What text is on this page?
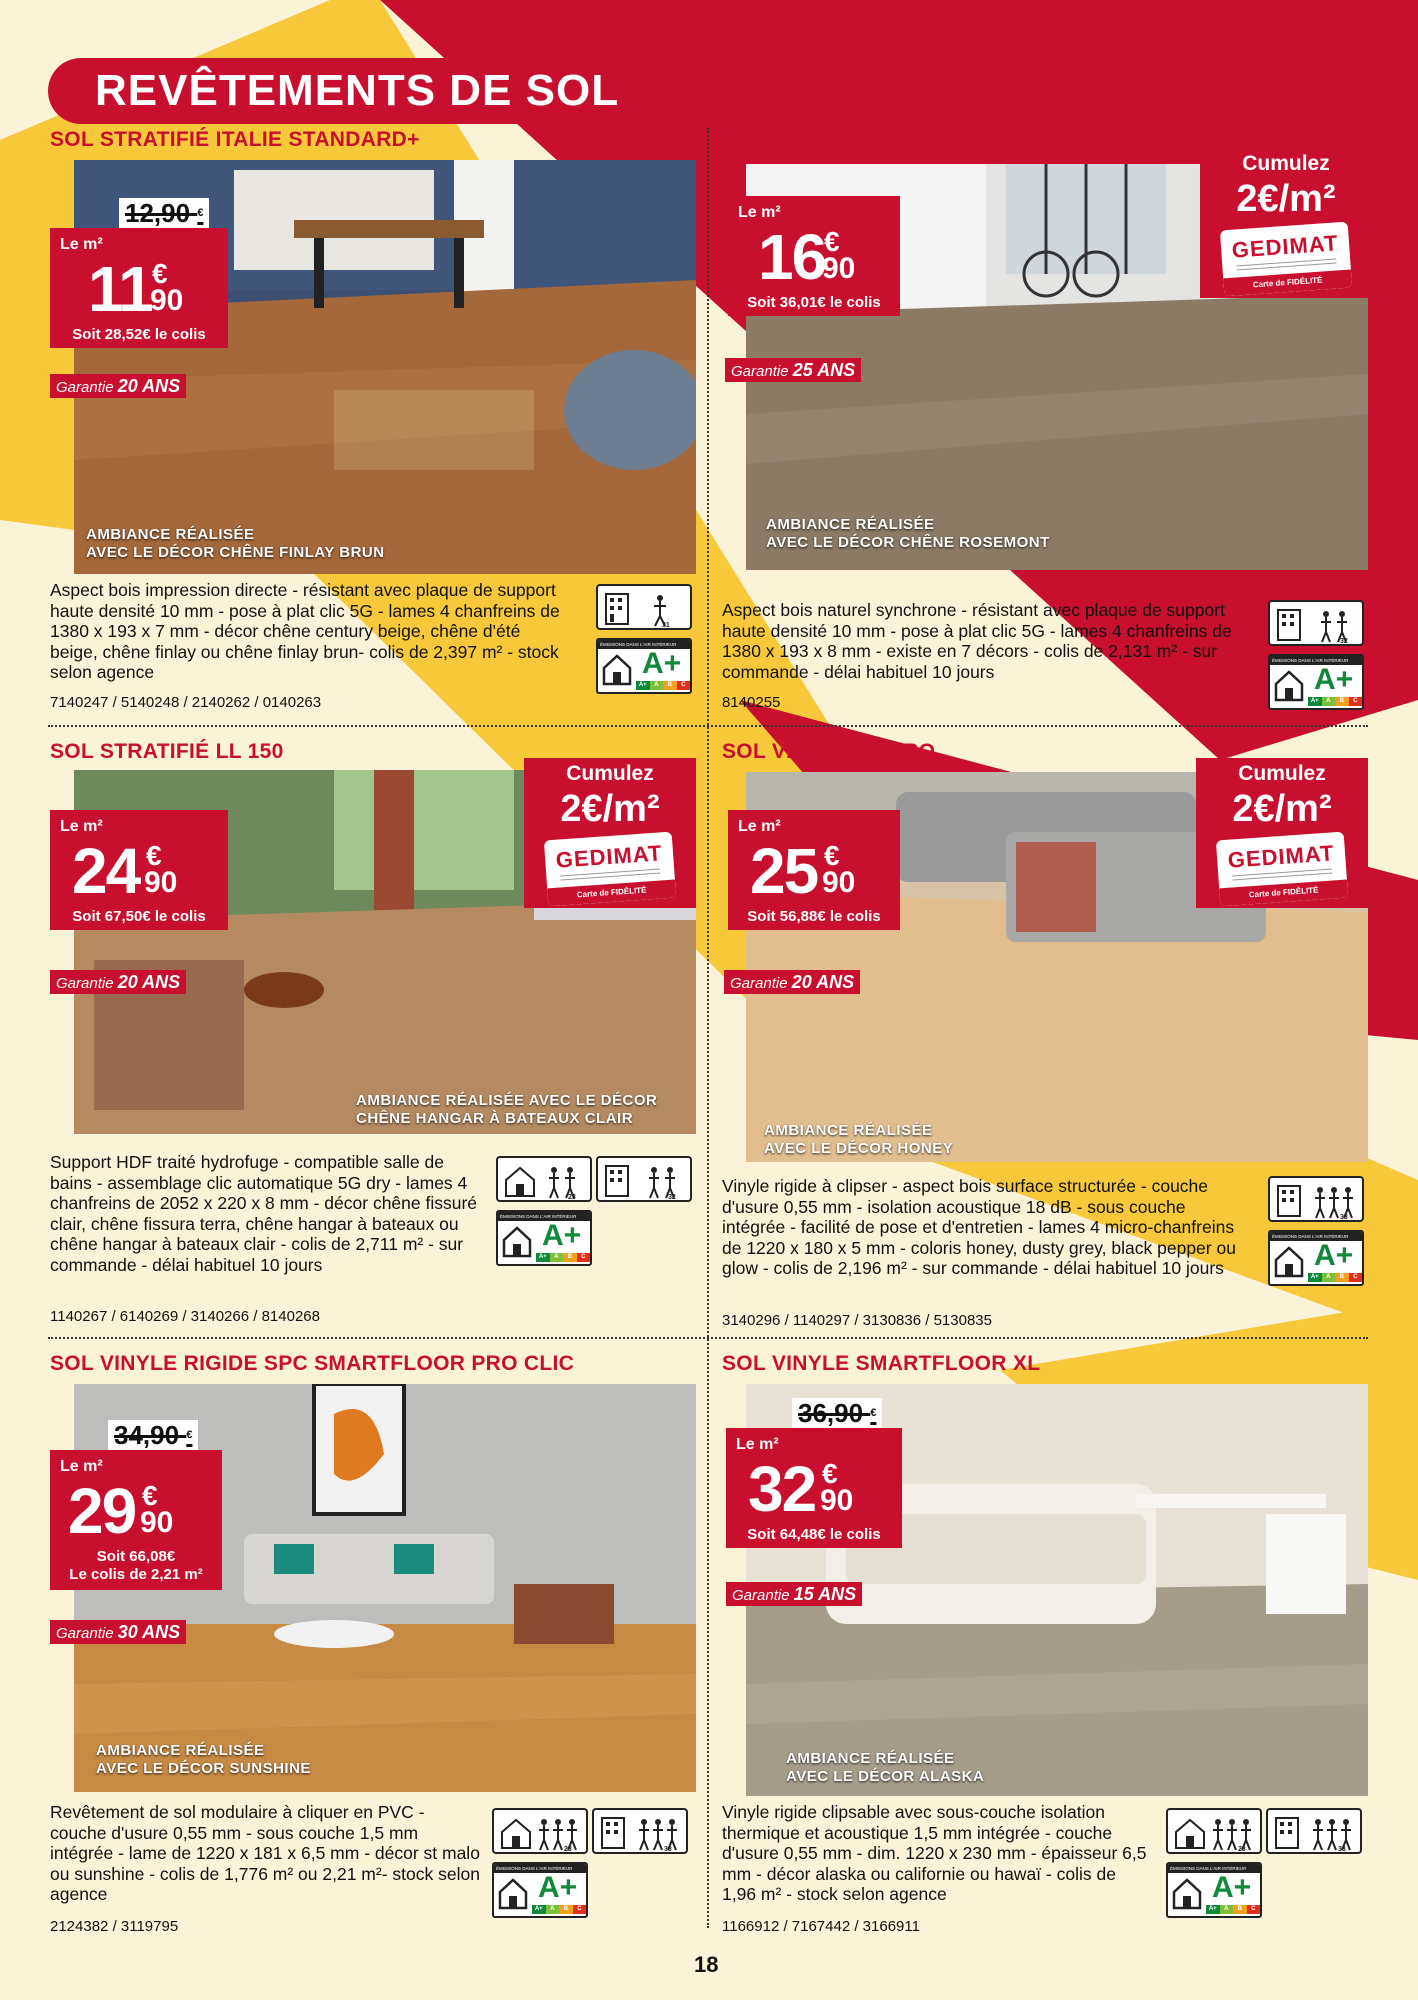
REVÊTEMENTS DE SOL
SOL STRATIFIÉ ITALIE STANDARD+
AMBIANCE RÉALISÉE
AVEC LE DÉCOR CHÊNE FINLAY BRUN
12,90 €
Le m²
11 €
90
Soit 28,52€ le colis
Garantie 20 ANS
Aspect bois impression directe - résistant avec plaque de support haute densité 10 mm - pose à plat clic 5G - lames 4 chanfreins de 1380 x 193 x 7 mm - décor chêne century beige, chêne d'été beige, chêne finlay ou chêne finlay brun- colis de 2,397 m² - stock selon agence
7140247 / 5140248 / 2140262 / 0140263
31
ÉMISSIONS DANS L'AIR INTÉRIEUR
A+
A+	A	B	C
SOL STRATIFIÉ NAMIBIE EXQUISIT
AMBIANCE RÉALISÉE
AVEC LE DÉCOR CHÊNE ROSEMONT
Le m²
16
€
90
Soit 36,01€ le colis
Garantie 25 ANS
Cumulez
2€/m²
GEDIMAT
Carte de FIDÉLITÉ
Aspect bois naturel synchrone - résistant avec plaque de support haute densité 10 mm - pose à plat clic 5G - lames 4 chanfreins de 1380 x 193 x 8 mm - existe en 7 décors - colis de 2,131 m² - sur commande - délai habituel 10 jours
8140255
32
ÉMISSIONS DANS L'AIR INTÉRIEUR
A+
A+	A	B	C
SOL STRATIFIÉ LL 150
AMBIANCE RÉALISÉE AVEC LE DÉCOR
CHÊNE HANGAR À BATEAUX CLAIR
Le m²
24 €
90
Soit 67,50€ le colis
Garantie 20 ANS
Cumulez
2€/m²
GEDIMAT
Carte de FIDÉLITÉ
Support HDF traité hydrofuge - compatible salle de bains - assemblage clic automatique 5G dry - lames 4 chanfreins de 2052 x 220 x 8 mm - décor chêne fissuré clair, chêne fissura terra, chêne hangar à bateaux ou chêne hangar à bateaux clair - colis de 2,711 m² - sur commande - délai habituel 10 jours
1140267 / 6140269 / 3140266 / 8140268
23	32
ÉMISSIONS DANS L'AIR INTÉRIEUR
A+
A+	A	B	C
SOL VINYLE DOURO
AMBIANCE RÉALISÉE
AVEC LE DÉCOR HONEY
Le m²
25 €
90
Soit 56,88€ le colis
Garantie 20 ANS
Cumulez
2€/m²
GEDIMAT
Carte de FIDÉLITÉ
Vinyle rigide à clipser - aspect bois surface structurée - couche d'usure 0,55 mm - isolation acoustique 18 dB - sous couche intégrée - facilité de pose et d'entretien - lames 4 micro-chanfreins de 1220 x 180 x 5 mm - coloris honey, dusty grey, black pepper ou glow - colis de 2,196 m² - sur commande - délai habituel 10 jours
3140296 / 1140297 / 3130836 / 5130835
33
ÉMISSIONS DANS L'AIR INTÉRIEUR
A+
A+	A	B	C
SOL VINYLE RIGIDE SPC SMARTFLOOR PRO CLIC
AMBIANCE RÉALISÉE
AVEC LE DÉCOR SUNSHINE
34,90 €
Le m²
29 €
90
Soit 66,08€
Le colis de 2,21 m²
Garantie 30 ANS
Revêtement de sol modulaire à cliquer en PVC - couche d'usure 0,55 mm - sous couche 1,5 mm intégrée - lame de 1220 x 181 x 6,5 mm - décor st malo ou sunshine - colis de 1,776 m² ou 2,21 m²- stock selon agence
2124382 / 3119795
23	33
ÉMISSIONS DANS L'AIR INTÉRIEUR
A+
A+	A	B	C
SOL VINYLE SMARTFLOOR XL
AMBIANCE RÉALISÉE
AVEC LE DÉCOR ALASKA
36,90 €
Le m²
32 €
90
Soit 64,48€ le colis
Garantie 15 ANS
Vinyle rigide clipsable avec sous-couche isolation thermique et acoustique 1,5 mm intégrée - couche d'usure 0,55 mm - dim. 1220 x 230 mm - épaisseur 6,5 mm - décor alaska ou californie ou hawaï - colis de 1,96 m² - stock selon agence
1166912 / 7167442 / 3166911
23	33
ÉMISSIONS DANS L'AIR INTÉRIEUR
A+
A+	A	B	C
18
